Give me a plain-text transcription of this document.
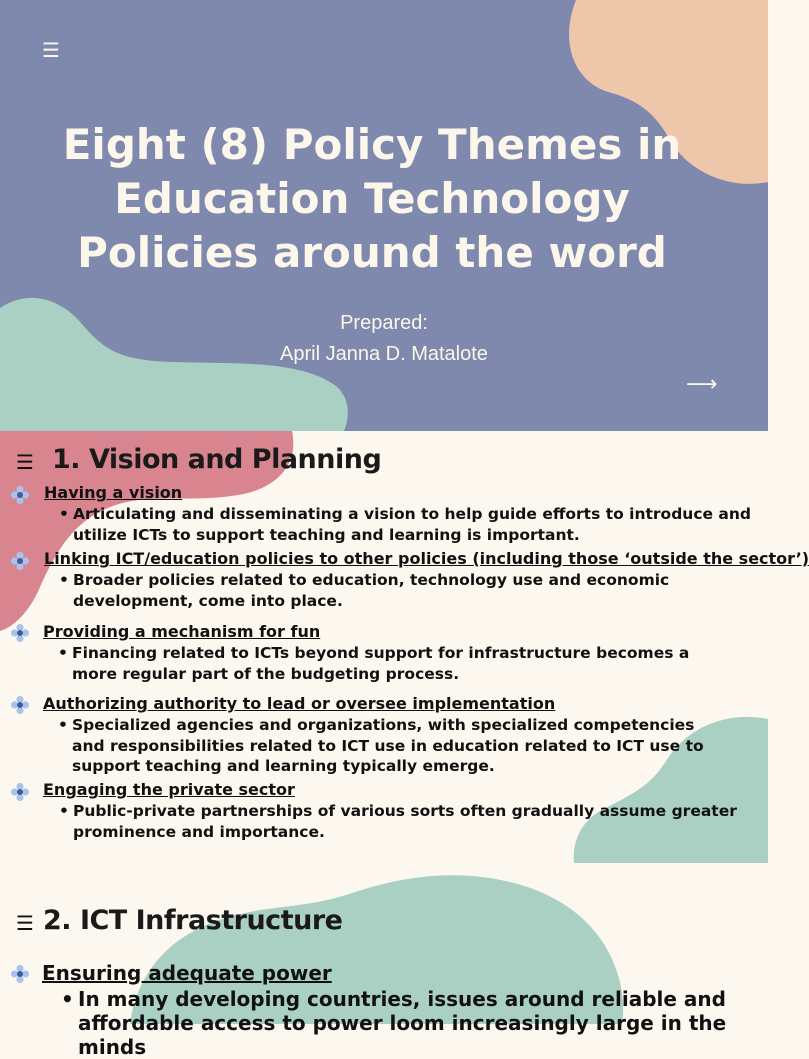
☰
Eight (8) Policy Themes in
Education Technology
Policies around the word
Prepared:
April Janna D. Matalote
⟶
☰ 1. Vision and Planning
Having a vision
• Articulating and disseminating a vision to help guide efforts to introduce and utilize ICTs to support teaching and learning is important.
Linking ICT/education policies to other policies (including those ‘outside the sector’)
• Broader policies related to education, technology use and economic development, come into place.
Providing a mechanism for fun
• Financing related to ICTs beyond support for infrastructure becomes a more regular part of the budgeting process.
Authorizing authority to lead or oversee implementation
• Specialized agencies and organizations, with specialized competencies and responsibilities related to ICT use in education related to ICT use to support teaching and learning typically emerge.
Engaging the private sector
• Public-private partnerships of various sorts often gradually assume greater prominence and importance.
☰ 2. ICT Infrastructure
Ensuring adequate power
• In many developing countries, issues around reliable and affordable access to power loom increasingly large in the minds
